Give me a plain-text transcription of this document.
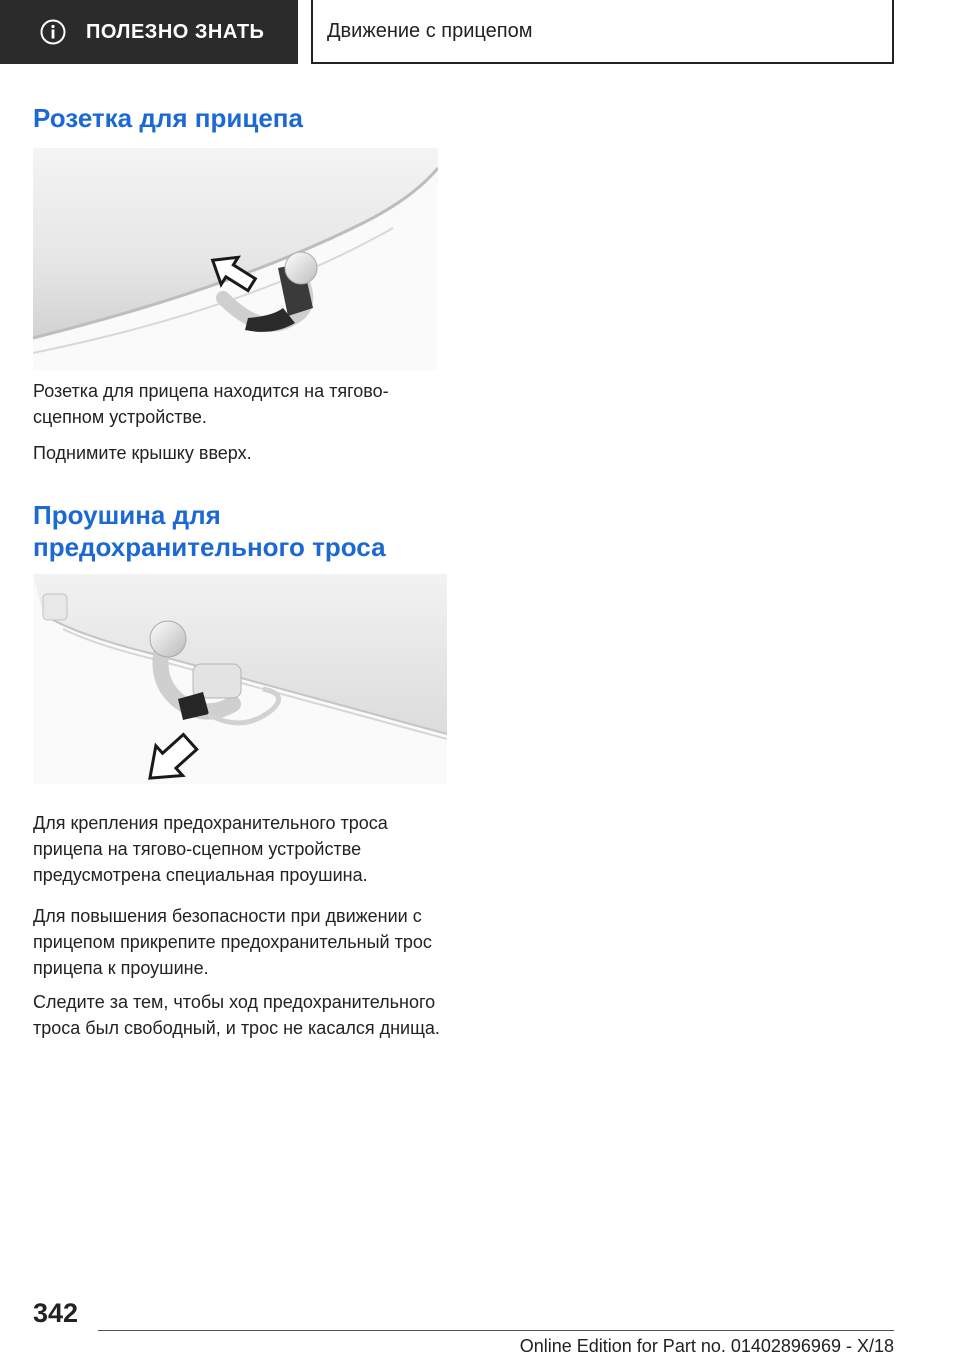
ПОЛЕЗНО ЗНАТЬ	Движение с прицепом
Розетка для прицепа

Розетка для прицепа находится на тягово-сцепном устройстве.

Поднимите крышку вверх.

Проушина для предохранительного троса

Для крепления предохранительного троса прицепа на тягово-сцепном устройстве предусмотрена специальная проушина.

Для повышения безопасности при движении с прицепом прикрепите предохранительный трос прицепа к проушине.

Следите за тем, чтобы ход предохранительного троса был свободный, и трос не касался днища.

342
Online Edition for Part no. 01402896969 - X/18
